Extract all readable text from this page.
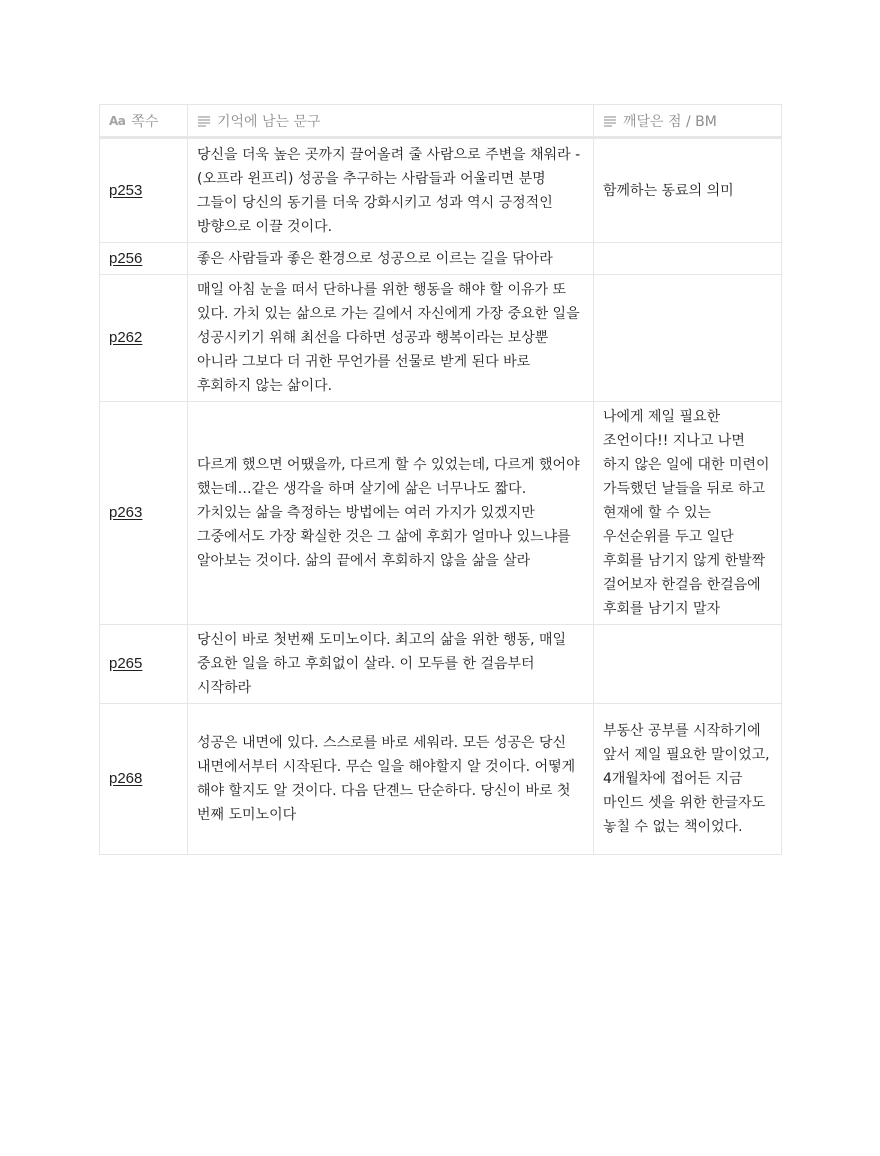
Aa 쪽수	기억에 남는 문구	깨달은 점 / BM
p253	당신을 더욱 높은 곳까지 끌어올려 줄 사람으로 주변을 채워라 -(오프라 윈프리) 성공을 추구하는 사람들과 어울리면 분명 그들이 당신의 동기를 더욱 강화시키고 성과 역시 긍정적인 방향으로 이끌 것이다.	함께하는 동료의 의미
p256	좋은 사람들과 좋은 환경으로 성공으로 이르는 길을 닦아라	
p262	매일 아침 눈을 떠서 단하나를 위한 행동을 해야 할 이유가 또 있다. 가치 있는 삶으로 가는 길에서 자신에게 가장 중요한 일을 성공시키기 위해 최선을 다하면 성공과 행복이라는 보상뿐 아니라 그보다 더 귀한 무언가를 선물로 받게 된다 바로 후회하지 않는 삶이다.	
p263	다르게 했으면 어땠을까, 다르게 할 수 있었는데, 다르게 했어야 했는데…같은 생각을 하며 살기에 삶은 너무나도 짧다. 가치있는 삶을 측정하는 방법에는 여러 가지가 있겠지만 그중에서도 가장 확실한 것은 그 삶에 후회가 얼마나 있느냐를 알아보는 것이다. 삶의 끝에서 후회하지 않을 삶을 살라	나에게 제일 필요한 조언이다!! 지나고 나면 하지 않은 일에 대한 미련이 가득했던 날들을 뒤로 하고 현재에 할 수 있는 우선순위를 두고 일단 후회를 남기지 않게 한발짝 걸어보자 한걸음 한걸음에 후회를 남기지 말자
p265	당신이 바로 첫번째 도미노이다. 최고의 삶을 위한 행동, 매일 중요한 일을 하고 후회없이 살라. 이 모두를 한 걸음부터 시작하라	
p268	성공은 내면에 있다. 스스로를 바로 세워라. 모든 성공은 당신 내면에서부터 시작된다. 무슨 일을 해야할지 알 것이다. 어떻게 해야 할지도 알 것이다. 다음 단곈느 단순하다. 당신이 바로 첫 번째 도미노이다	부동산 공부를 시작하기에 앞서 제일 필요한 말이었고, 4개월차에 접어든 지금 마인드 셋을 위한 한글자도 놓칠 수 없는 책이었다.
